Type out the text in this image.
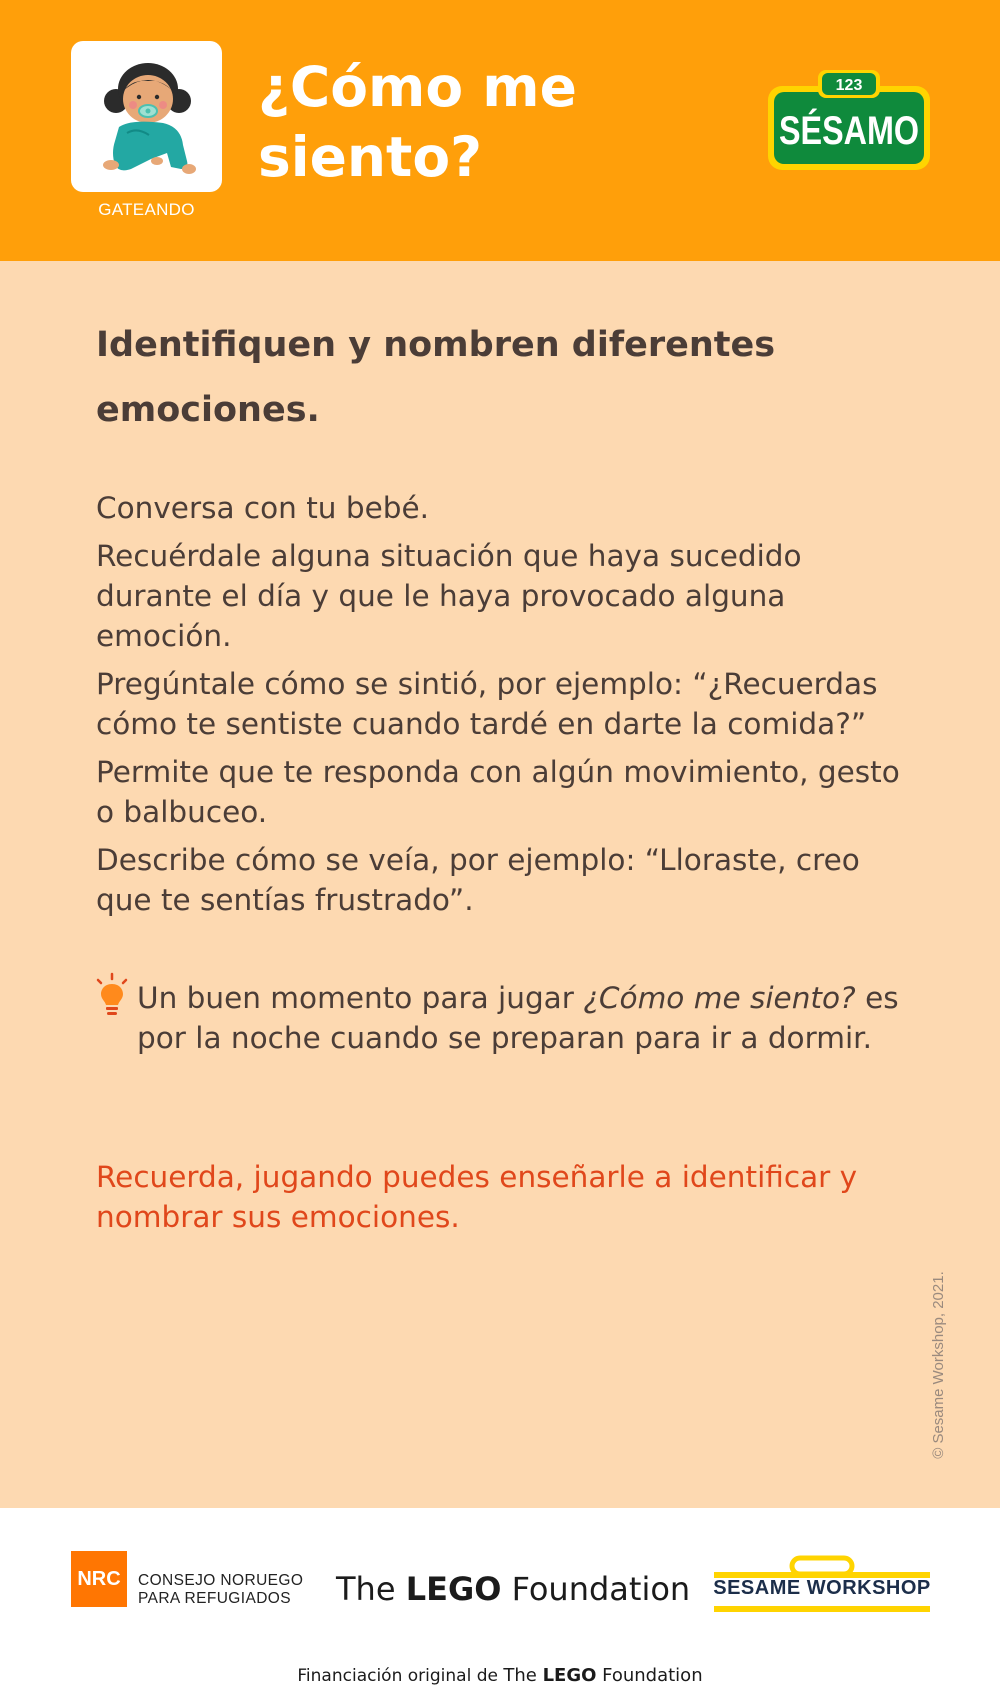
GATEANDO
¿Cómo me siento?
123
SÉSAMO
Identifiquen y nombren diferentes emociones.

Conversa con tu bebé.

Recuérdale alguna situación que haya sucedido durante el día y que le haya provocado alguna emoción.

Pregúntale cómo se sintió, por ejemplo: “¿Recuerdas cómo te sentiste cuando tardé en darte la comida?”

Permite que te responda con algún movimiento, gesto o balbuceo.

Describe cómo se veía, por ejemplo: “Lloraste, creo que te sentías frustrado”.

Un buen momento para jugar ¿Cómo me siento? es por la noche cuando se preparan para ir a dormir.
Recuerda, jugando puedes enseñarle a identificar y nombrar sus emociones.
© Sesame Workshop, 2021.
NRC	CONSEJO NORUEGO
PARA REFUGIADOS	The LEGO Foundation SESAME WORKSHOP
Financiación original de The LEGO Foundation
